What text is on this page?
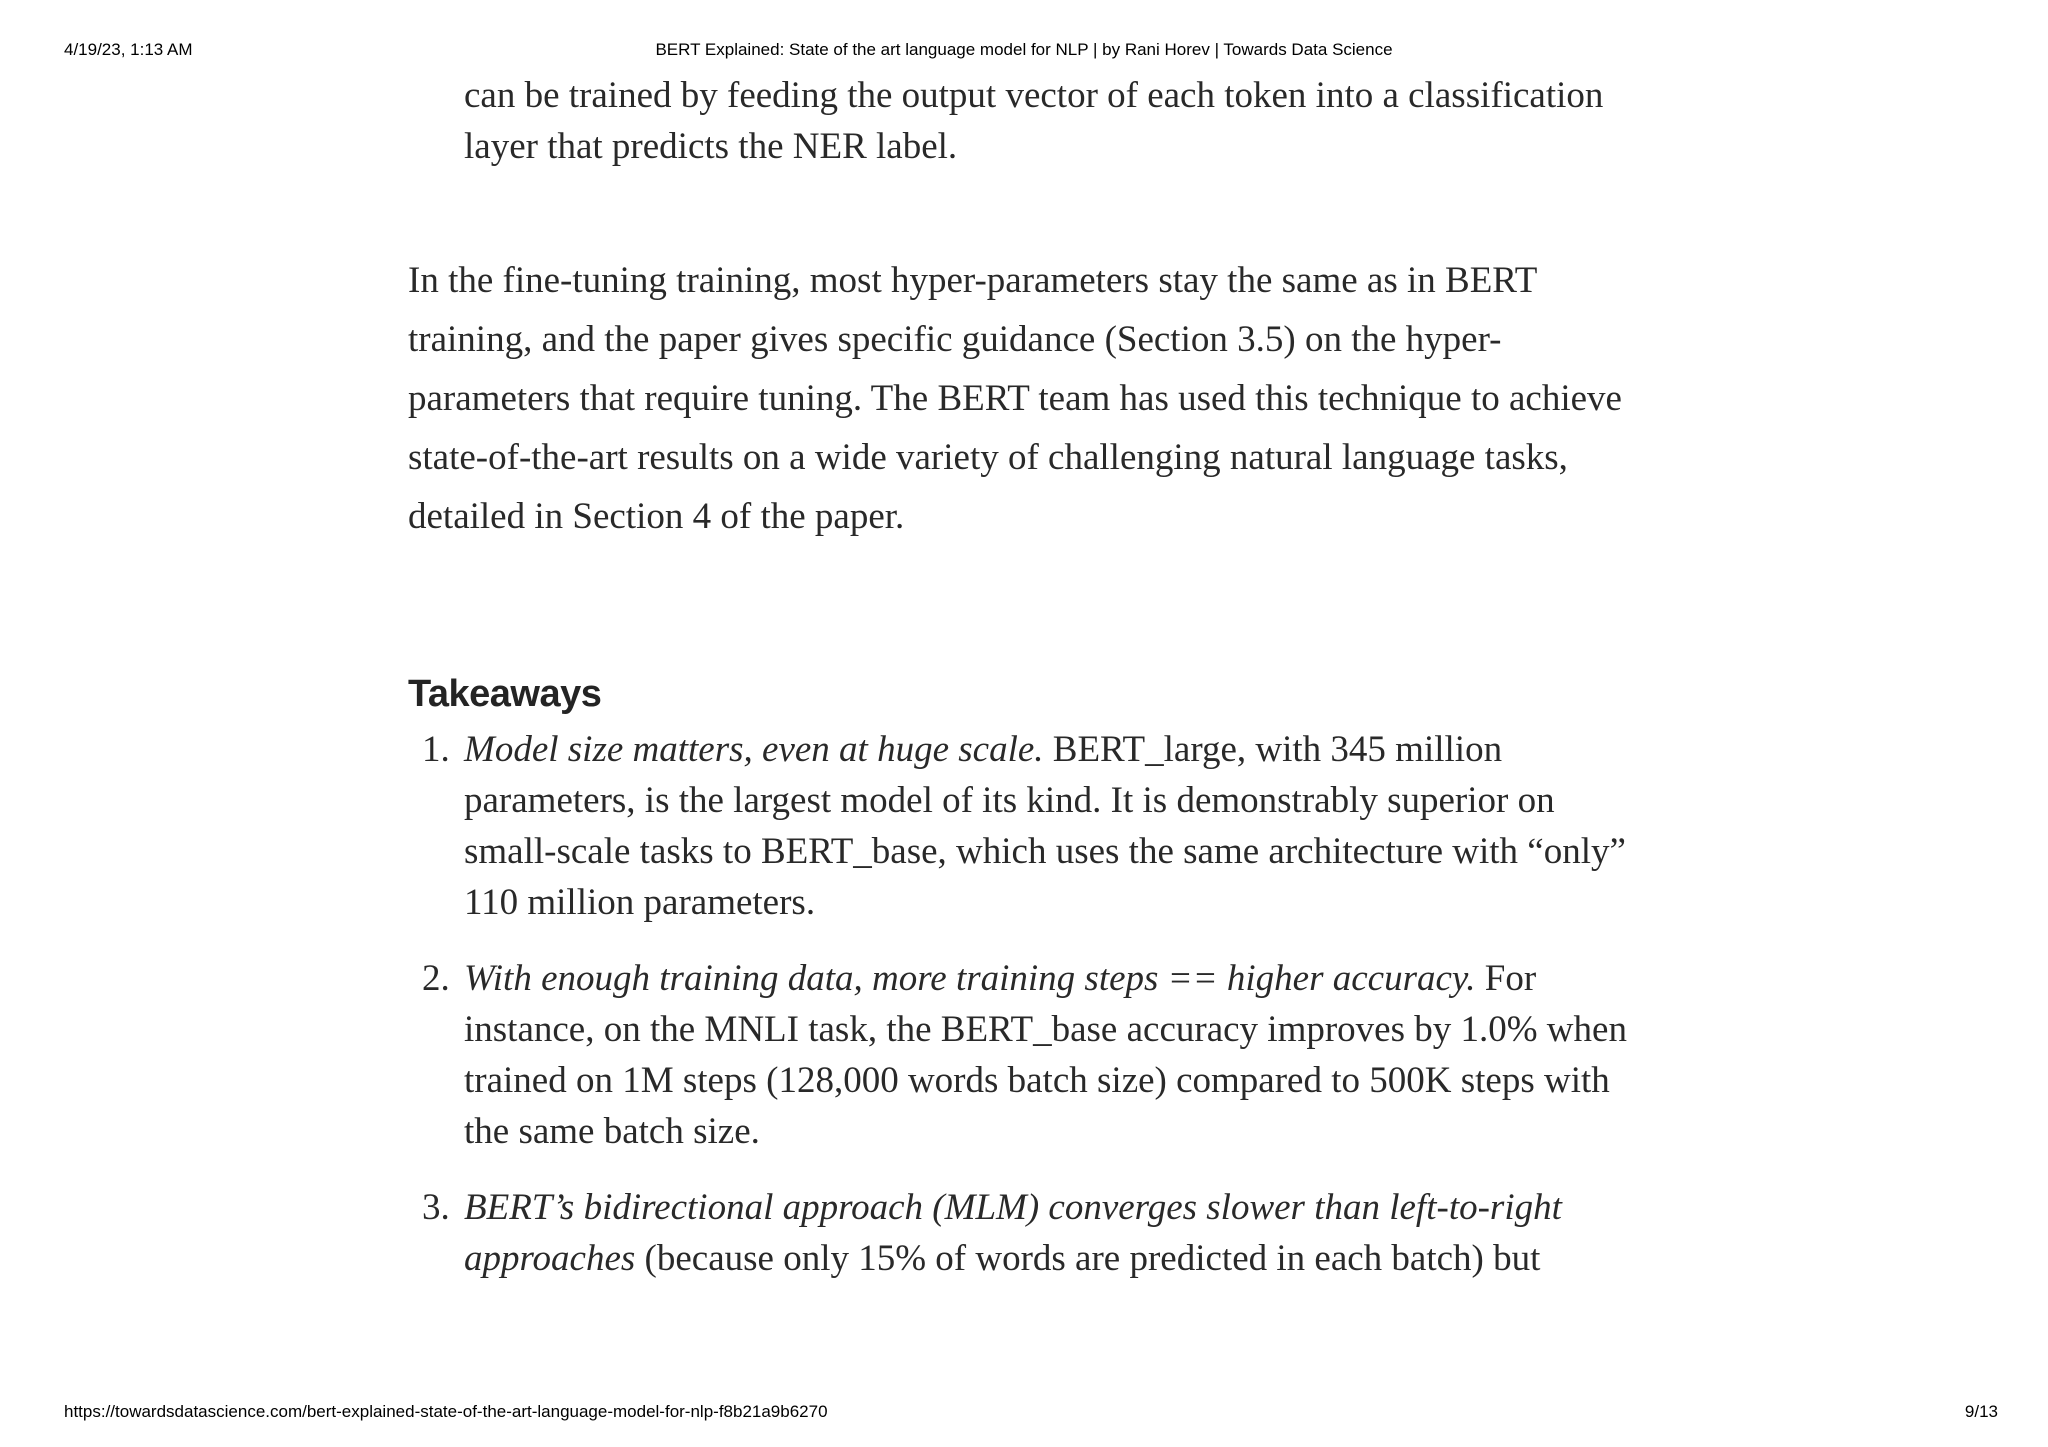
4/19/23, 1:13 AM	BERT Explained: State of the art language model for NLP | by Rani Horev | Towards Data Science
can be trained by feeding the output vector of each token into a classification layer that predicts the NER label.

In the fine-tuning training, most hyper-parameters stay the same as in BERT training, and the paper gives specific guidance (Section 3.5) on the hyper-parameters that require tuning. The BERT team has used this technique to achieve state-of-the-art results on a wide variety of challenging natural language tasks, detailed in Section 4 of the paper.

Takeaways
1. Model size matters, even at huge scale. BERT_large, with 345 million parameters, is the largest model of its kind. It is demonstrably superior on small-scale tasks to BERT_base, which uses the same architecture with “only” 110 million parameters.
2. With enough training data, more training steps == higher accuracy. For instance, on the MNLI task, the BERT_base accuracy improves by 1.0% when trained on 1M steps (128,000 words batch size) compared to 500K steps with the same batch size.
3. BERT’s bidirectional approach (MLM) converges slower than left-to-right approaches (because only 15% of words are predicted in each batch) but
https://towardsdatascience.com/bert-explained-state-of-the-art-language-model-for-nlp-f8b21a9b6270	9/13
